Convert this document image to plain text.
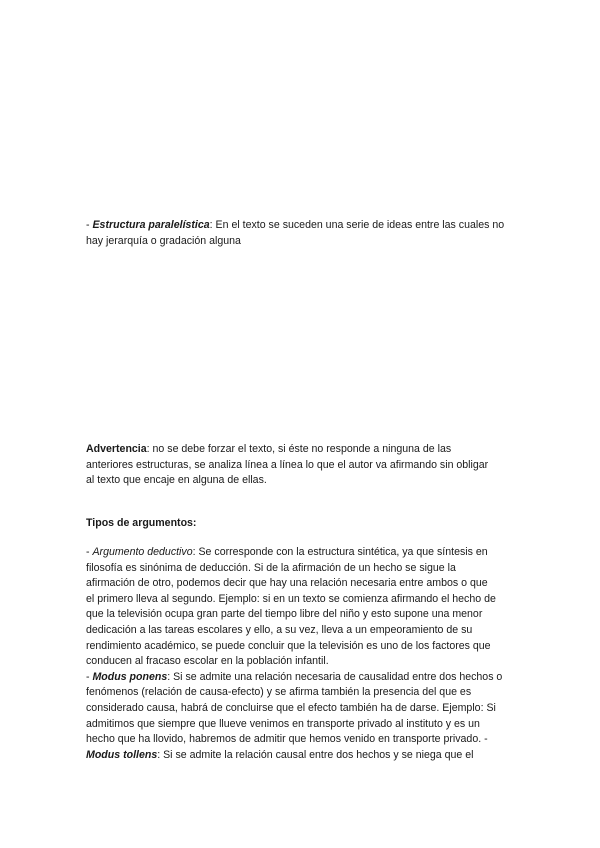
- Estructura paralelística: En el texto se suceden una serie de ideas entre las cuales no
hay jerarquía o gradación alguna
Advertencia: no se debe forzar el texto, si éste no responde a ninguna de las
anteriores estructuras, se analiza línea a línea lo que el autor va afirmando sin obligar
al texto que encaje en alguna de ellas.
Tipos de argumentos:
- Argumento deductivo: Se corresponde con la estructura sintética, ya que síntesis en
filosofía es sinónima de deducción. Si de la afirmación de un hecho se sigue la
afirmación de otro, podemos decir que hay una relación necesaria entre ambos o que
el primero lleva al segundo. Ejemplo: si en un texto se comienza afirmando el hecho de
que la televisión ocupa gran parte del tiempo libre del niño y esto supone una menor
dedicación a las tareas escolares y ello, a su vez, lleva a un empeoramiento de su
rendimiento académico, se puede concluir que la televisión es uno de los factores que
conducen al fracaso escolar en la población infantil.
- Modus ponens: Si se admite una relación necesaria de causalidad entre dos hechos o
fenómenos (relación de causa-efecto) y se afirma también la presencia del que es
considerado causa, habrá de concluirse que el efecto también ha de darse. Ejemplo: Si
admitimos que siempre que llueve venimos en transporte privado al instituto y es un
hecho que ha llovido, habremos de admitir que hemos venido en transporte privado. -
Modus tollens: Si se admite la relación causal entre dos hechos y se niega que el
